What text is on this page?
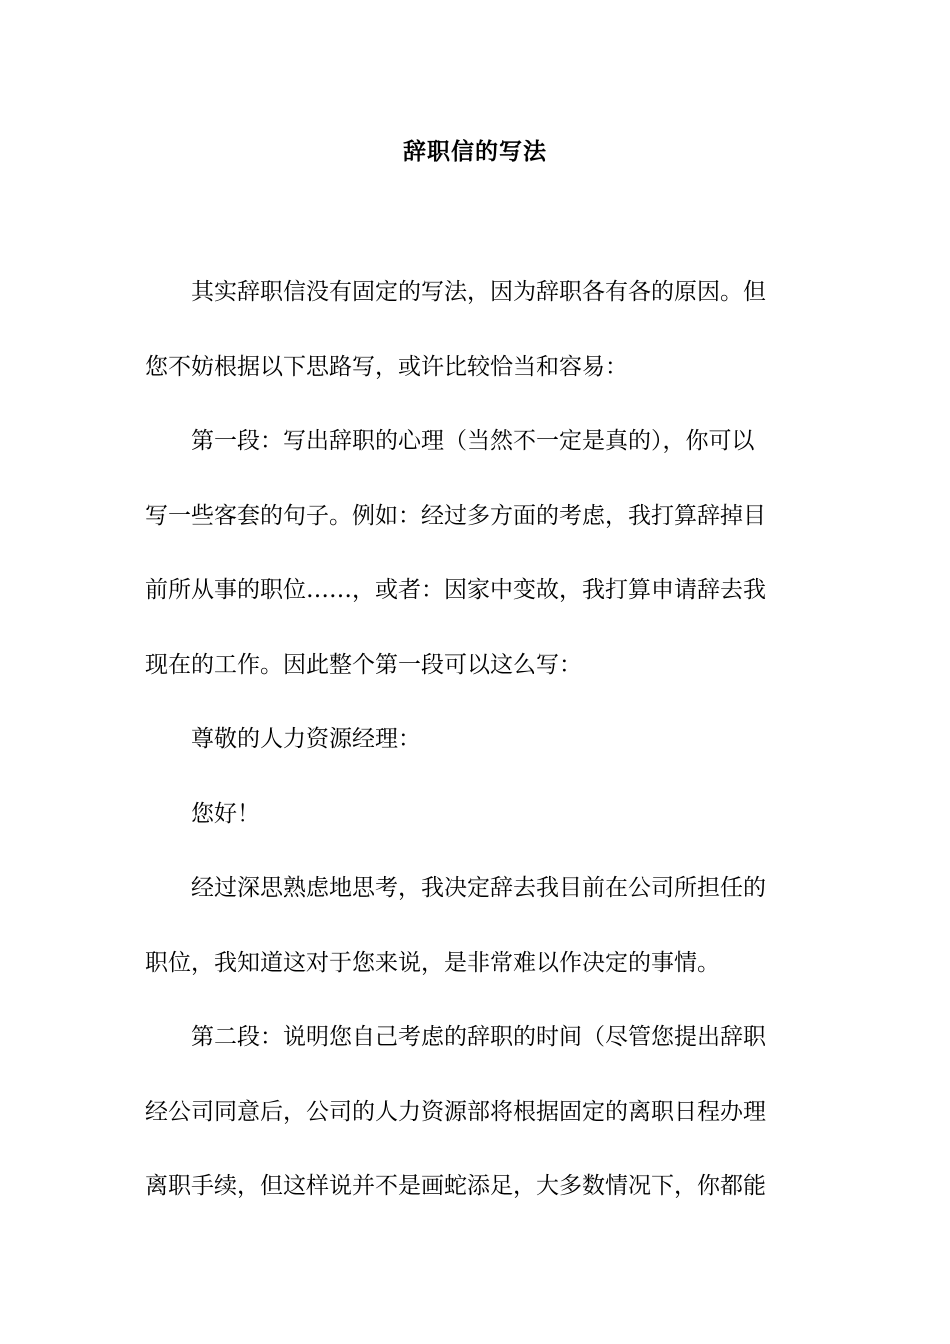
辞职信的写法
其实辞职信没有固定的写法，因为辞职各有各的原因。但
您不妨根据以下思路写，或许比较恰当和容易：
第一段：写出辞职的心理（当然不一定是真的），你可以
写一些客套的句子。例如：经过多方面的考虑，我打算辞掉目
前所从事的职位……，或者：因家中变故，我打算申请辞去我
现在的工作。因此整个第一段可以这么写：
尊敬的人力资源经理：
您好！
经过深思熟虑地思考，我决定辞去我目前在公司所担任的
职位，我知道这对于您来说，是非常难以作决定的事情。
第二段：说明您自己考虑的辞职的时间（尽管您提出辞职
经公司同意后，公司的人力资源部将根据固定的离职日程办理
离职手续，但这样说并不是画蛇添足，大多数情况下，你都能
